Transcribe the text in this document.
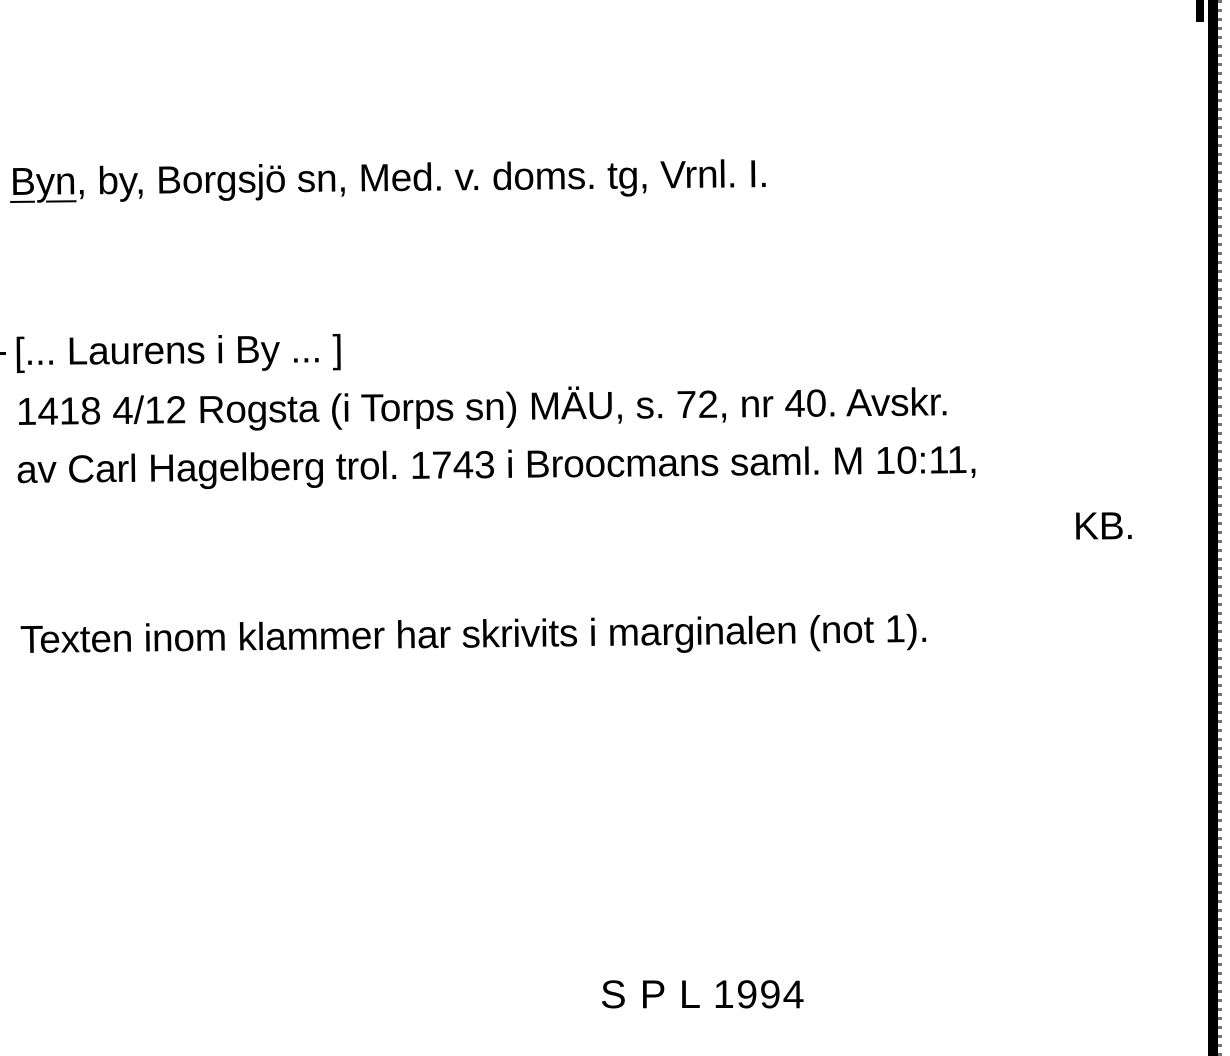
Byn, by, Borgsjö sn, Med. v. doms. tg, Vrnl. I.
[... Laurens i By ... ]
1418 4/12 Rogsta (i Torps sn) MÄU, s. 72, nr 40. Avskr.
av Carl Hagelberg trol. 1743 i Broocmans saml. M 10:11,
KB.
Texten inom klammer har skrivits i marginalen (not 1).
S P L 1994
